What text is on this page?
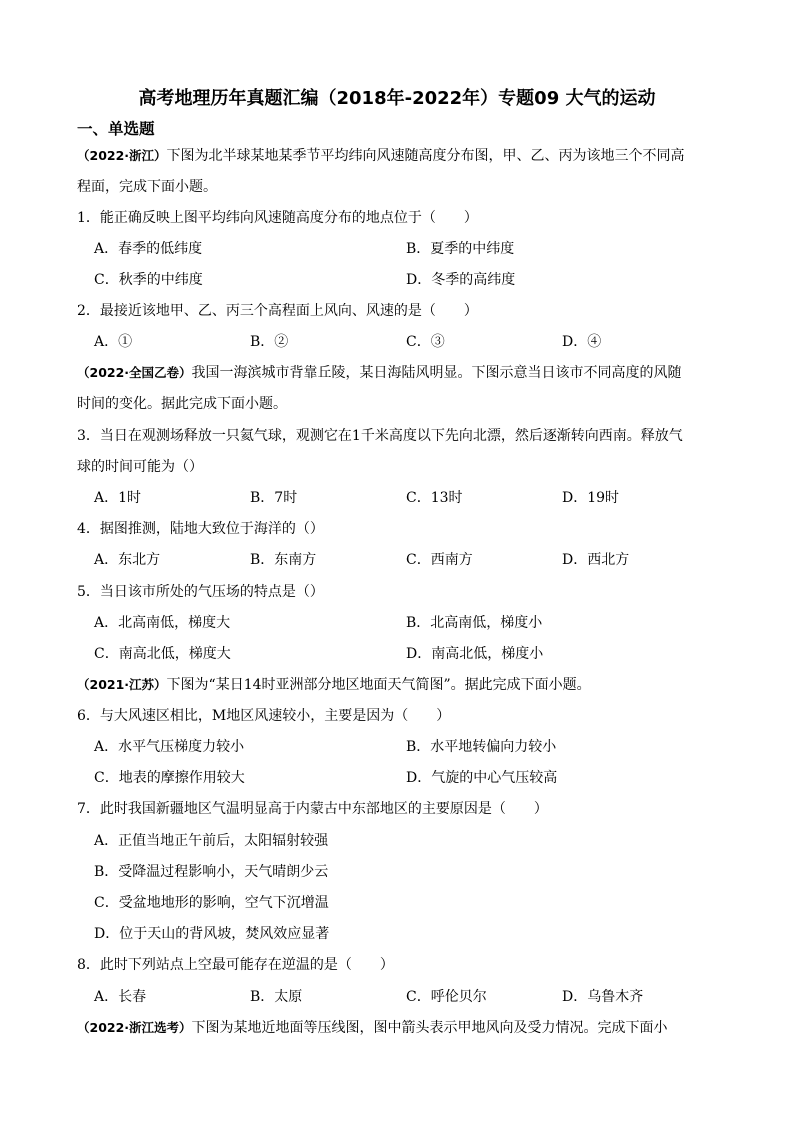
高考地理历年真题汇编（2018年-2022年）专题09 大气的运动
一、单选题
（2022·浙江）下图为北半球某地某季节平均纬向风速随高度分布图，甲、乙、丙为该地三个不同高
程面，完成下面小题。
1．能正确反映上图平均纬向风速随高度分布的地点位于（　　）
A．春季的低纬度	B．夏季的中纬度
C．秋季的中纬度	D．冬季的高纬度
2．最接近该地甲、乙、丙三个高程面上风向、风速的是（　　）
A．①	B．②	C．③	D．④
（2022·全国乙卷）我国一海滨城市背靠丘陵，某日海陆风明显。下图示意当日该市不同高度的风随
时间的变化。据此完成下面小题。
3．当日在观测场释放一只氦气球，观测它在1千米高度以下先向北漂，然后逐渐转向西南。释放气
球的时间可能为（）
A．1时	B．7时	C．13时	D．19时
4．据图推测，陆地大致位于海洋的（）
A．东北方	B．东南方	C．西南方	D．西北方
5．当日该市所处的气压场的特点是（）
A．北高南低，梯度大	B．北高南低，梯度小
C．南高北低，梯度大	D．南高北低，梯度小
（2021·江苏）下图为“某日14时亚洲部分地区地面天气简图”。据此完成下面小题。
6．与大风速区相比，M地区风速较小，主要是因为（　　）
A．水平气压梯度力较小	B．水平地转偏向力较小
C．地表的摩擦作用较大	D．气旋的中心气压较高
7．此时我国新疆地区气温明显高于内蒙古中东部地区的主要原因是（　　）
A．正值当地正午前后，太阳辐射较强
B．受降温过程影响小，天气晴朗少云
C．受盆地地形的影响，空气下沉增温
D．位于天山的背风坡，焚风效应显著
8．此时下列站点上空最可能存在逆温的是（　　）
A．长春	B．太原	C．呼伦贝尔	D．乌鲁木齐
（2022·浙江选考）下图为某地近地面等压线图，图中箭头表示甲地风向及受力情况。完成下面小
